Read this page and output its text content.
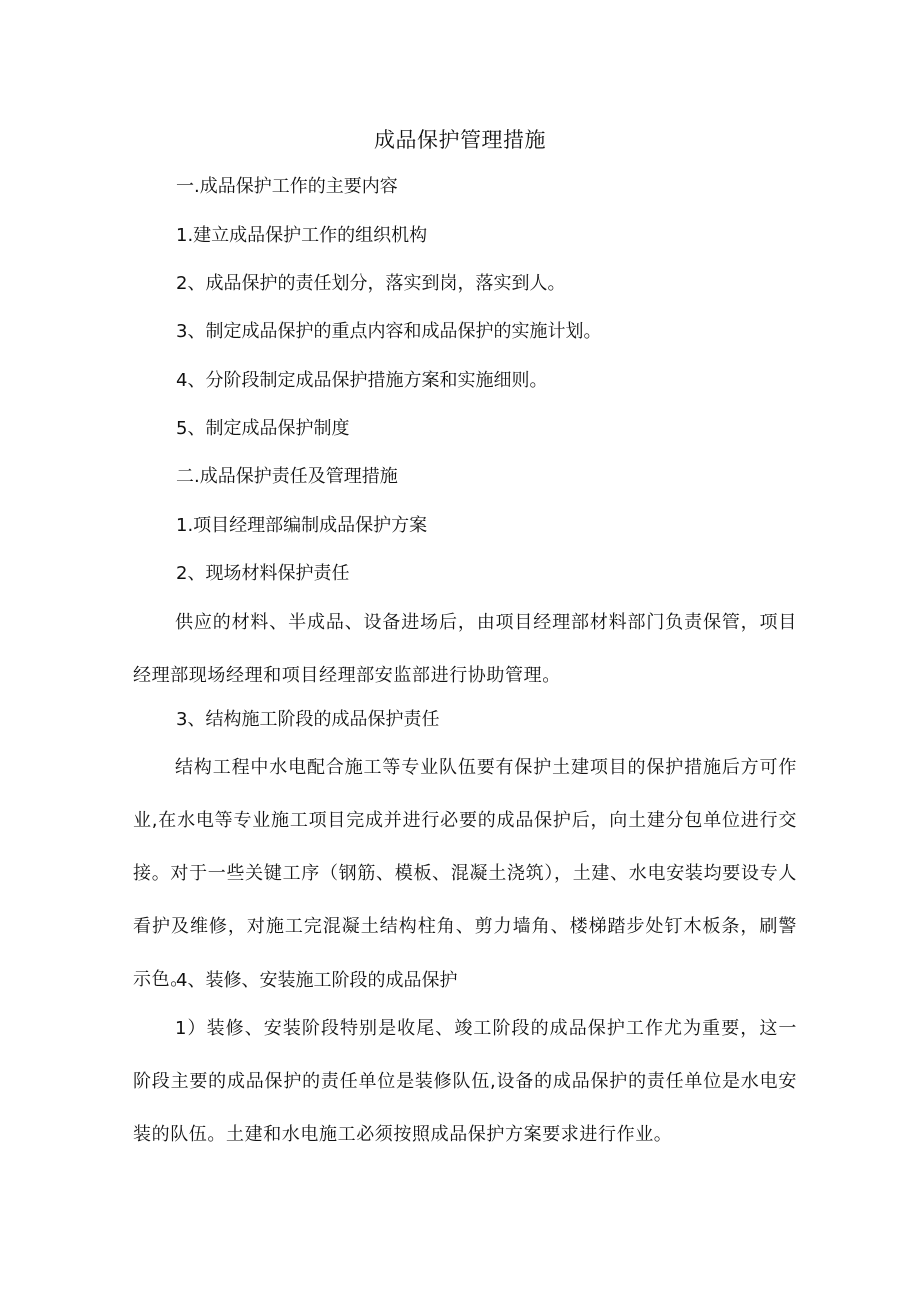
成品保护管理措施
一.成品保护工作的主要内容
1.建立成品保护工作的组织机构
2、成品保护的责任划分，落实到岗，落实到人。
3、制定成品保护的重点内容和成品保护的实施计划。
4、分阶段制定成品保护措施方案和实施细则。
5、制定成品保护制度
二.成品保护责任及管理措施
1.项目经理部编制成品保护方案
2、现场材料保护责任
供应的材料、半成品、设备进场后，由项目经理部材料部门负责保管，项目经理部现场经理和项目经理部安监部进行协助管理。
3、结构施工阶段的成品保护责任
结构工程中水电配合施工等专业队伍要有保护土建项目的保护措施后方可作业,在水电等专业施工项目完成并进行必要的成品保护后，向土建分包单位进行交接。对于一些关键工序（钢筋、模板、混凝土浇筑），土建、水电安装均要设专人看护及维修，对施工完混凝土结构柱角、剪力墙角、楼梯踏步处钉木板条，刷警示色。
4、装修、安装施工阶段的成品保护
1）装修、安装阶段特别是收尾、竣工阶段的成品保护工作尤为重要，这一阶段主要的成品保护的责任单位是装修队伍,设备的成品保护的责任单位是水电安装的队伍。土建和水电施工必须按照成品保护方案要求进行作业。
